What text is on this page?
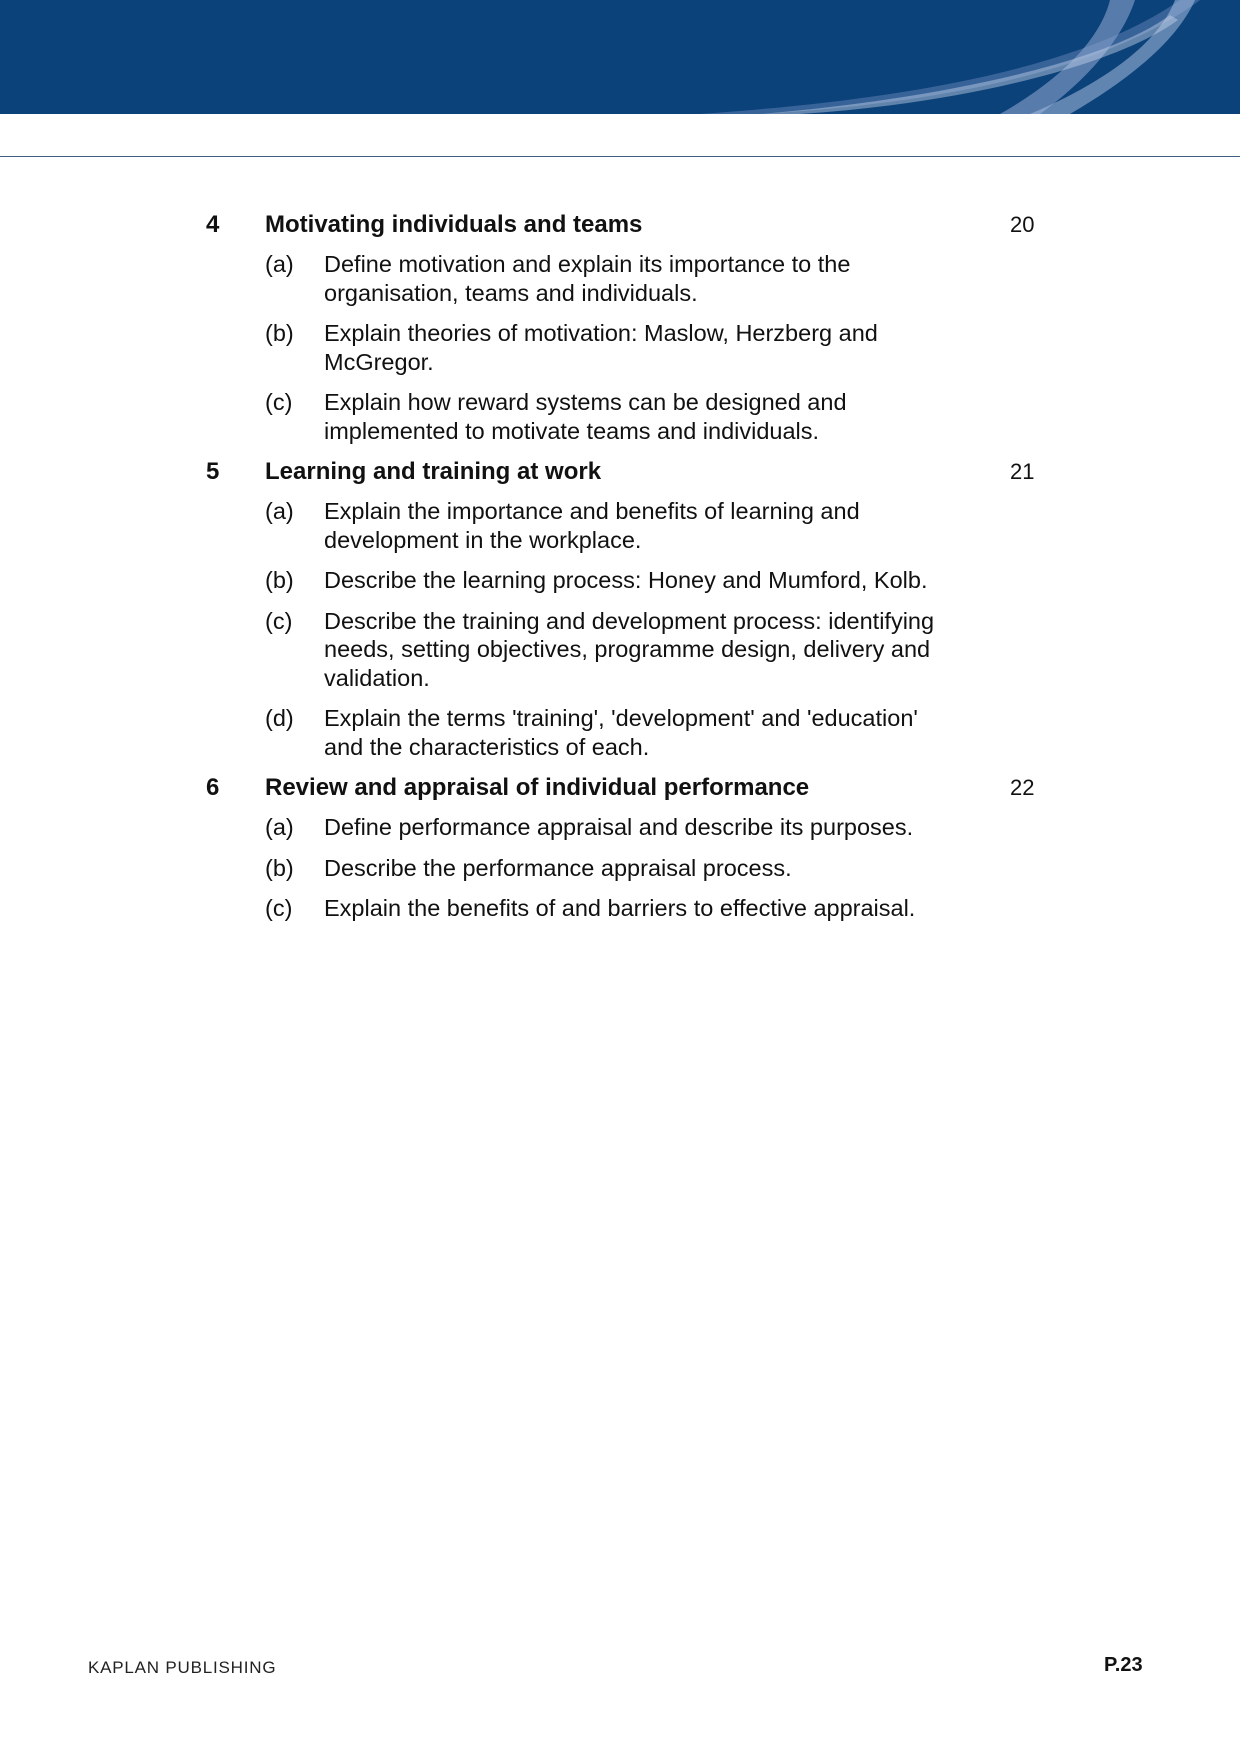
4 Motivating individuals and teams	20
(a) Define motivation and explain its importance to the organisation, teams and individuals.
(b) Explain theories of motivation: Maslow, Herzberg and McGregor.
(c) Explain how reward systems can be designed and implemented to motivate teams and individuals.
5 Learning and training at work	21
(a) Explain the importance and benefits of learning and development in the workplace.
(b) Describe the learning process: Honey and Mumford, Kolb.
(c) Describe the training and development process: identifying needs, setting objectives, programme design, delivery and validation.
(d) Explain the terms 'training', 'development' and 'education' and the characteristics of each.
6 Review and appraisal of individual performance	22
(a) Define performance appraisal and describe its purposes.
(b) Describe the performance appraisal process.
(c) Explain the benefits of and barriers to effective appraisal.
KAPLAN PUBLISHING	P.23
